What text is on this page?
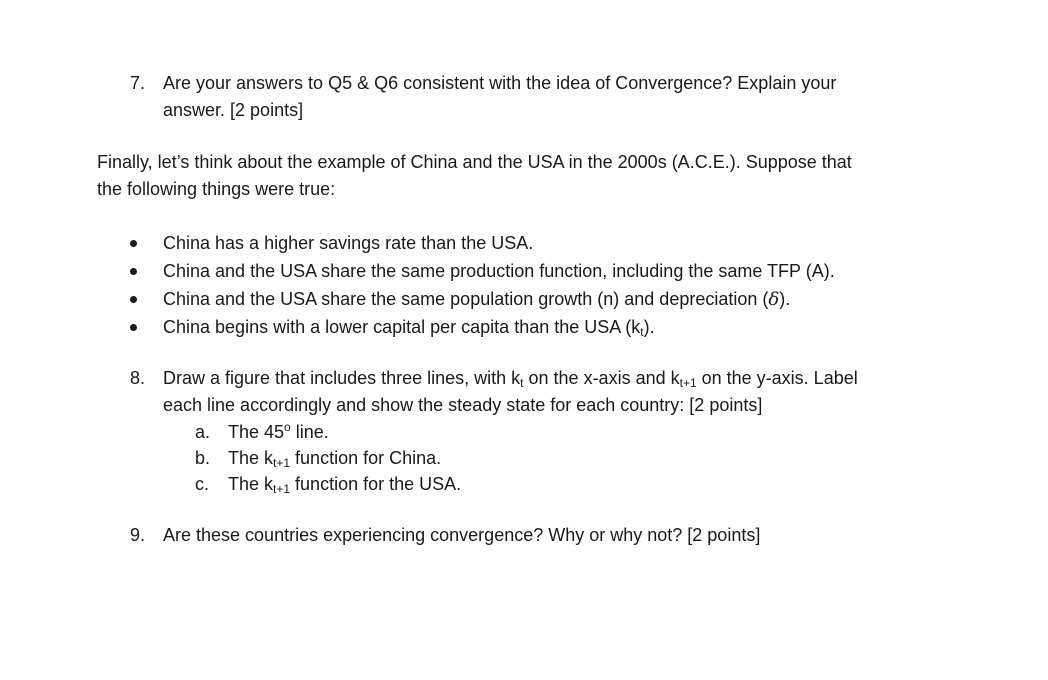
7. Are your answers to Q5 & Q6 consistent with the idea of Convergence? Explain your
answer. [2 points]
Finally, let’s think about the example of China and the USA in the 2000s (A.C.E.). Suppose that
the following things were true:
China has a higher savings rate than the USA.
China and the USA share the same production function, including the same TFP (A).
China and the USA share the same population growth (n) and depreciation (δ).
China begins with a lower capital per capita than the USA $(k_t)$.
8. Draw a figure that includes three lines, with $k_t$ on the x-axis and $k_{t+1}$ on the y-axis. Label
each line accordingly and show the steady state for each country: [2 points]
a. The 45$^o$ line.
b. The $k_{t+1}$ function for China.
c. The $k_{t+1}$ function for the USA.
9. Are these countries experiencing convergence? Why or why not? [2 points]
